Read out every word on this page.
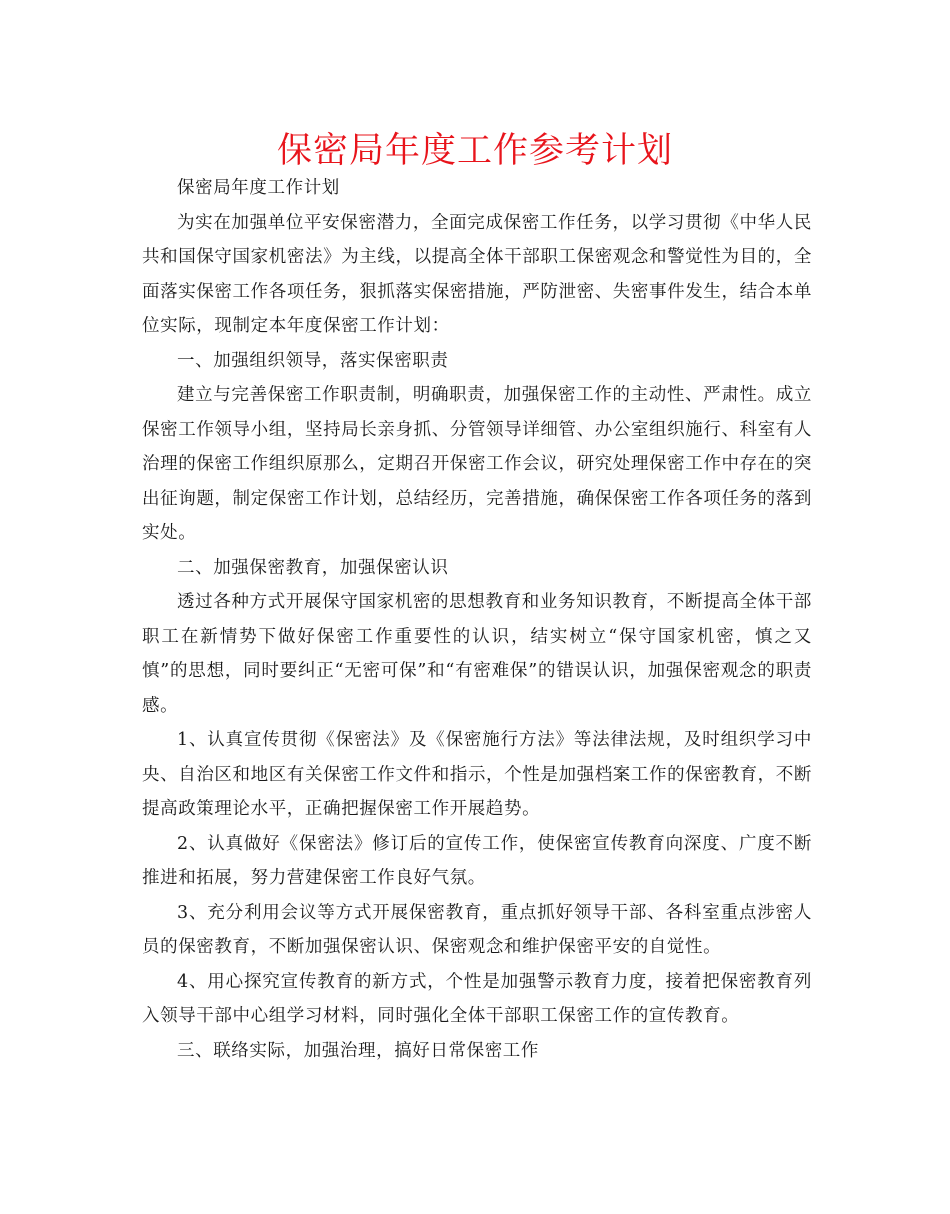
保密局年度工作参考计划

保密局年度工作计划

为实在加强单位平安保密潜力，全面完成保密工作任务，以学习贯彻《中华人民共和国保守国家机密法》为主线，以提高全体干部职工保密观念和警觉性为目的，全面落实保密工作各项任务，狠抓落实保密措施，严防泄密、失密事件发生，结合本单位实际，现制定本年度保密工作计划：

一、加强组织领导，落实保密职责

建立与完善保密工作职责制，明确职责，加强保密工作的主动性、严肃性。成立保密工作领导小组，坚持局长亲身抓、分管领导详细管、办公室组织施行、科室有人治理的保密工作组织原那么，定期召开保密工作会议，研究处理保密工作中存在的突出征询题，制定保密工作计划，总结经历，完善措施，确保保密工作各项任务的落到实处。

二、加强保密教育，加强保密认识

透过各种方式开展保守国家机密的思想教育和业务知识教育，不断提高全体干部职工在新情势下做好保密工作重要性的认识，结实树立“保守国家机密，慎之又慎”的思想，同时要纠正“无密可保”和“有密难保”的错误认识，加强保密观念的职责感。

1、认真宣传贯彻《保密法》及《保密施行方法》等法律法规，及时组织学习中央、自治区和地区有关保密工作文件和指示，个性是加强档案工作的保密教育，不断提高政策理论水平，正确把握保密工作开展趋势。

2、认真做好《保密法》修订后的宣传工作，使保密宣传教育向深度、广度不断推进和拓展，努力营建保密工作良好气氛。

3、充分利用会议等方式开展保密教育，重点抓好领导干部、各科室重点涉密人员的保密教育，不断加强保密认识、保密观念和维护保密平安的自觉性。

4、用心探究宣传教育的新方式，个性是加强警示教育力度，接着把保密教育列入领导干部中心组学习材料，同时强化全体干部职工保密工作的宣传教育。

三、联络实际，加强治理，搞好日常保密工作
